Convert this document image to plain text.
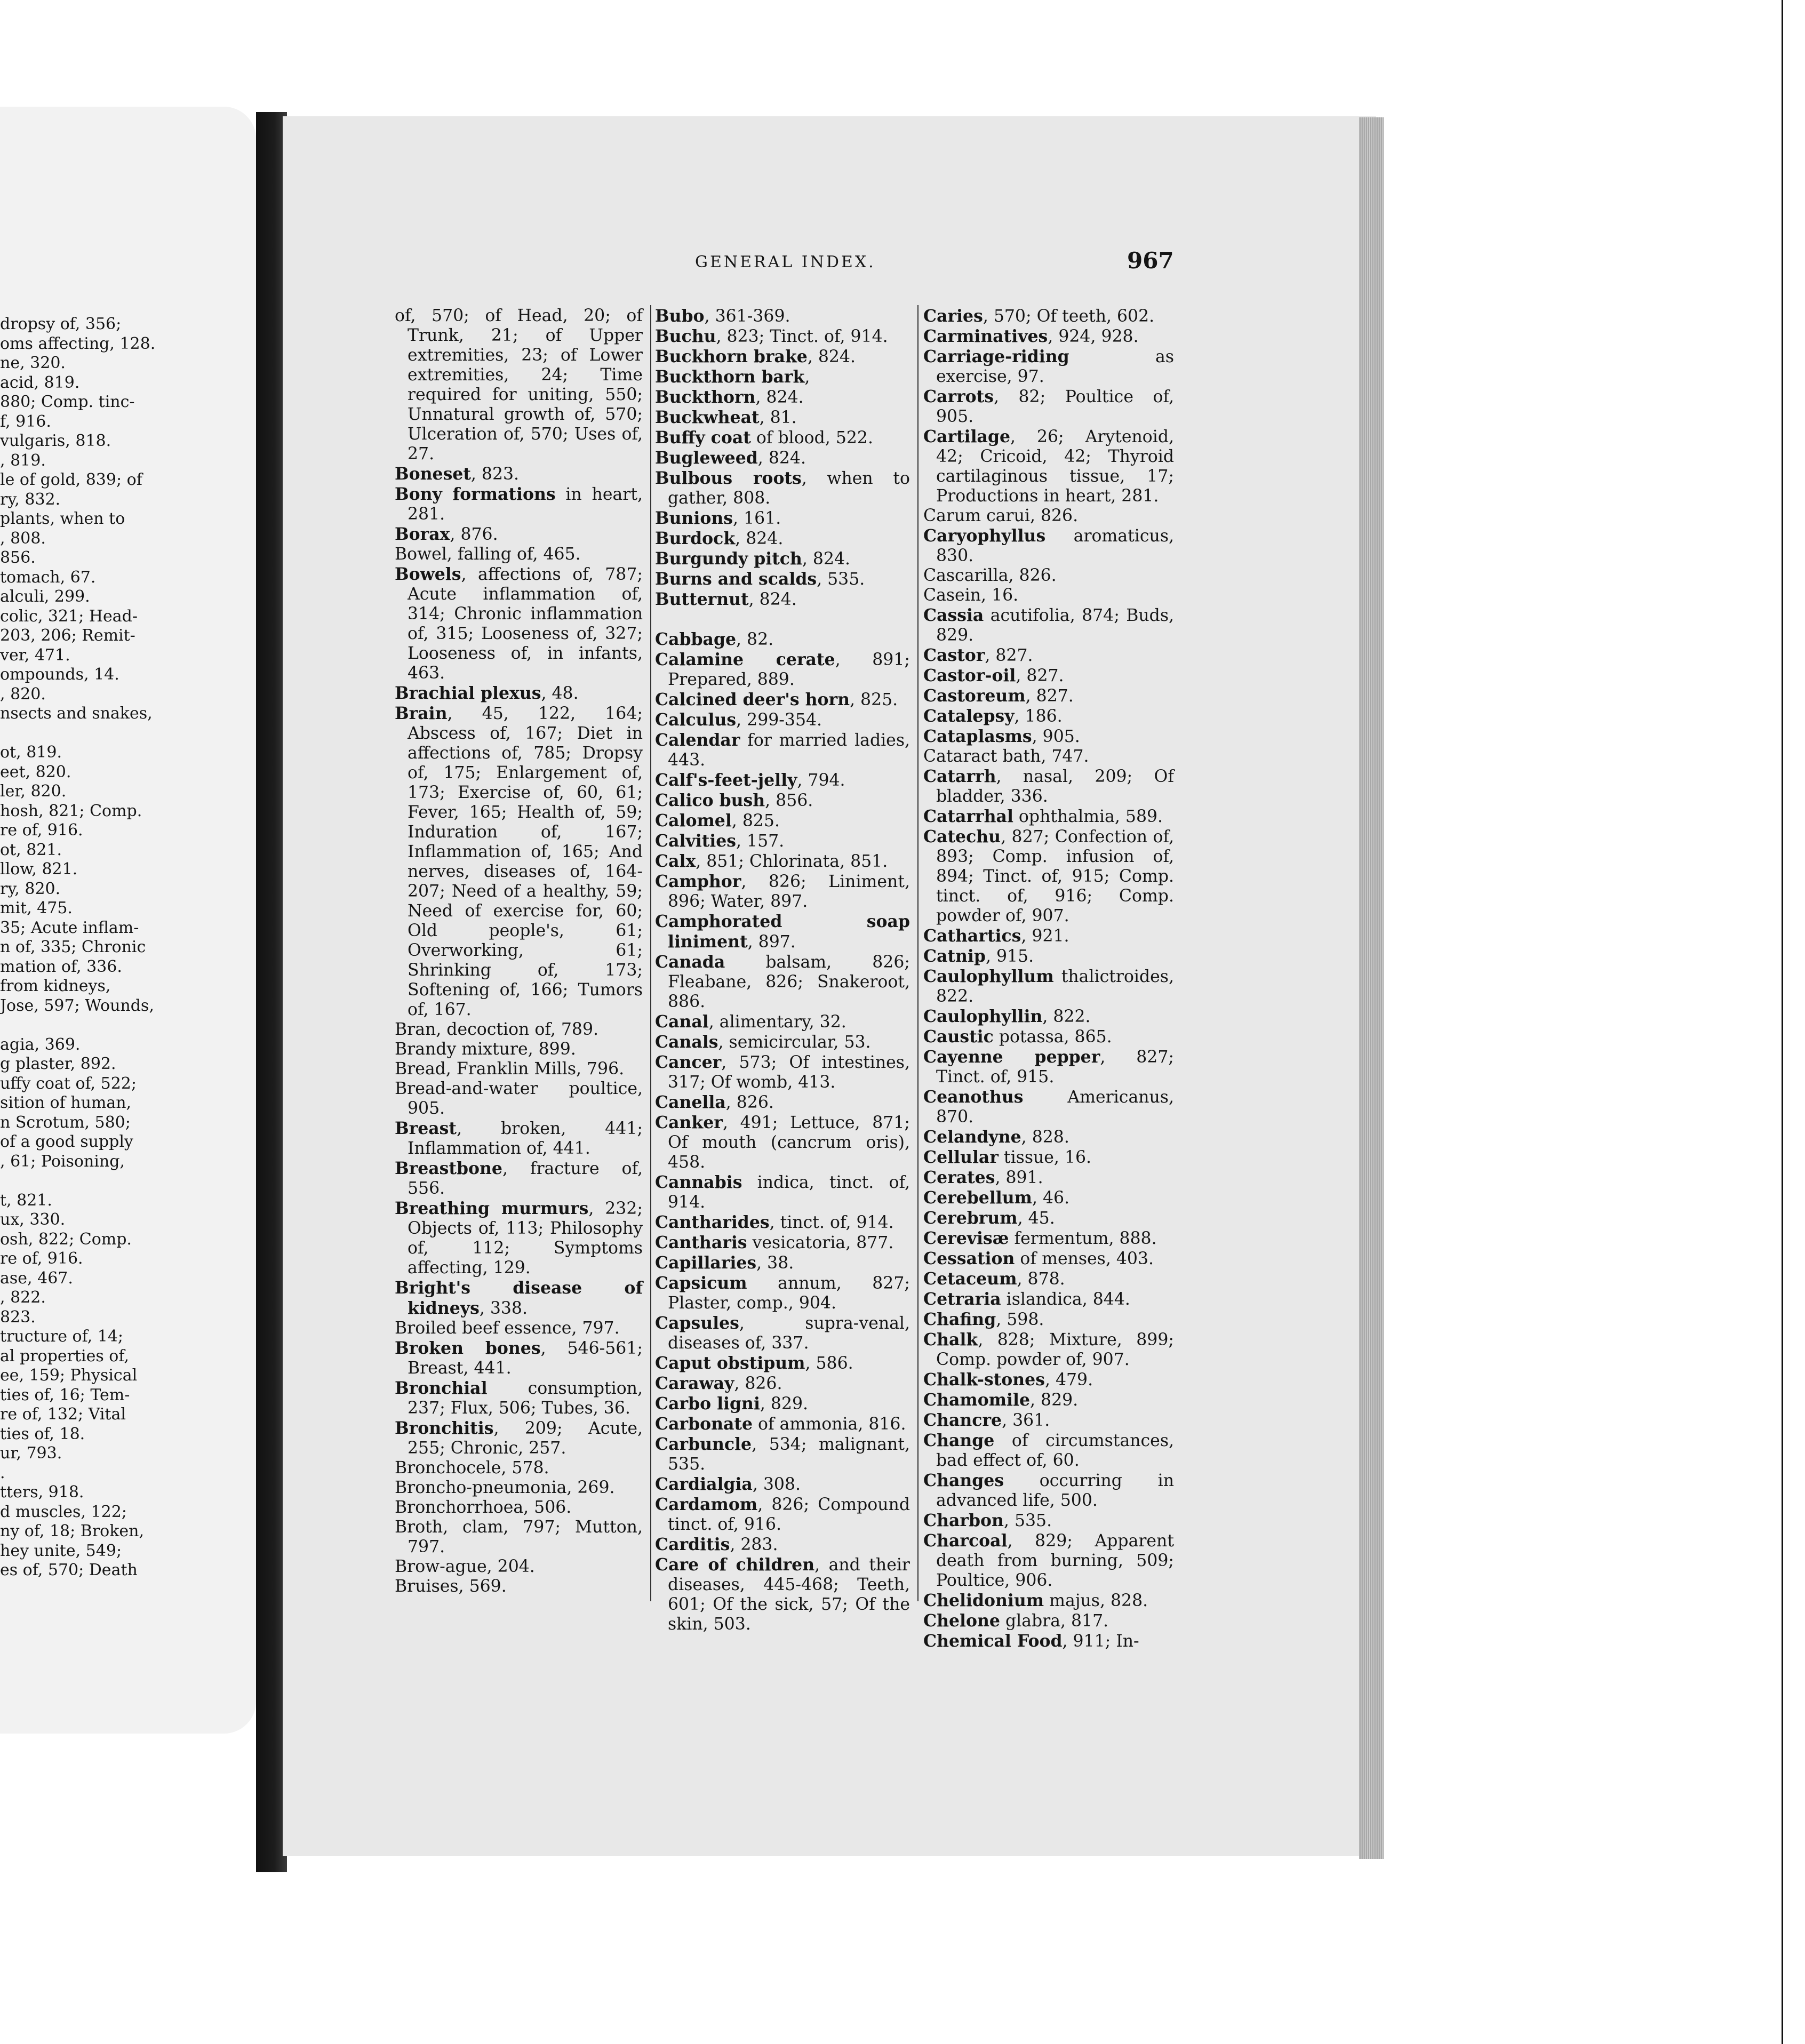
dropsy of, 356;
oms affecting, 128.
ne, 320.
acid, 819.
880; Comp. tinc-
f, 916.
vulgaris, 818.
, 819.
le of gold, 839; of
ry, 832.
plants, when to
, 808.
856.
tomach, 67.
alculi, 299.
colic, 321; Head-
203, 206; Remit-
ver, 471.
ompounds, 14.
, 820.
nsects and snakes,

ot, 819.
eet, 820.
ler, 820.
hosh, 821; Comp.
re of, 916.
ot, 821.
llow, 821.
ry, 820.
mit, 475.
35; Acute inflam-
n of, 335; Chronic
mation of, 336.
from kidneys,
Jose, 597; Wounds,

agia, 369.
g plaster, 892.
uffy coat of, 522;
sition of human,
n Scrotum, 580;
of a good supply
, 61; Poisoning,

t, 821.
ux, 330.
osh, 822; Comp.
re of, 916.
ase, 467.
, 822.
823.
tructure of, 14;
al properties of,
ee, 159; Physical
ties of, 16; Tem-
re of, 132; Vital
ties of, 18.
ur, 793.
.
tters, 918.
d muscles, 122;
ny of, 18; Broken,
hey unite, 549;
es of, 570; Death
GENERAL INDEX.	967
of, 570; of Head, 20; of Trunk, 21; of Upper extremities, 23; of Lower extremities, 24; Time required for uniting, 550; Unnatural growth of, 570; Ulceration of, 570; Uses of, 27.
Boneset, 823.
Bony formations in heart, 281.
Borax, 876.
Bowel, falling of, 465.
Bowels, affections of, 787; Acute inflammation of, 314; Chronic inflammation of, 315; Looseness of, 327; Looseness of, in infants, 463.
Brachial plexus, 48.
Brain, 45, 122, 164; Abscess of, 167; Diet in affections of, 785; Dropsy of, 175; Enlargement of, 173; Exercise of, 60, 61; Fever, 165; Health of, 59; Induration of, 167; Inflammation of, 165; And nerves, diseases of, 164-207; Need of a healthy, 59; Need of exercise for, 60; Old people's, 61; Overworking, 61; Shrinking of, 173; Softening of, 166; Tumors of, 167.
Bran, decoction of, 789.
Brandy mixture, 899.
Bread, Franklin Mills, 796.
Bread-and-water poultice, 905.
Breast, broken, 441; Inflammation of, 441.
Breastbone, fracture of, 556.
Breathing murmurs, 232; Objects of, 113; Philosophy of, 112; Symptoms affecting, 129.
Bright's disease of kidneys, 338.
Broiled beef essence, 797.
Broken bones, 546-561; Breast, 441.
Bronchial consumption, 237; Flux, 506; Tubes, 36.
Bronchitis, 209; Acute, 255; Chronic, 257.
Bronchocele, 578.
Broncho-pneumonia, 269.
Bronchorrhoea, 506.
Broth, clam, 797; Mutton, 797.
Brow-ague, 204.
Bruises, 569.
Bubo, 361-369.
Buchu, 823; Tinct. of, 914.
Buckhorn brake, 824.
Buckthorn bark,
Buckthorn, 824.
Buckwheat, 81.
Buffy coat of blood, 522.
Bugleweed, 824.
Bulbous roots, when to gather, 808.
Bunions, 161.
Burdock, 824.
Burgundy pitch, 824.
Burns and scalds, 535.
Butternut, 824.
Cabbage, 82.
Calamine cerate, 891; Prepared, 889.
Calcined deer's horn, 825.
Calculus, 299-354.
Calendar for married ladies, 443.
Calf's-feet-jelly, 794.
Calico bush, 856.
Calomel, 825.
Calvities, 157.
Calx, 851; Chlorinata, 851.
Camphor, 826; Liniment, 896; Water, 897.
Camphorated soap liniment, 897.
Canada balsam, 826; Fleabane, 826; Snakeroot, 886.
Canal, alimentary, 32.
Canals, semicircular, 53.
Cancer, 573; Of intestines, 317; Of womb, 413.
Canella, 826.
Canker, 491; Lettuce, 871; Of mouth (cancrum oris), 458.
Cannabis indica, tinct. of, 914.
Cantharides, tinct. of, 914.
Cantharis vesicatoria, 877.
Capillaries, 38.
Capsicum annum, 827; Plaster, comp., 904.
Capsules, supra-venal, diseases of, 337.
Caput obstipum, 586.
Caraway, 826.
Carbo ligni, 829.
Carbonate of ammonia, 816.
Carbuncle, 534; malignant, 535.
Cardialgia, 308.
Cardamom, 826; Compound tinct. of, 916.
Carditis, 283.
Care of children, and their diseases, 445-468; Teeth, 601; Of the sick, 57; Of the skin, 503.
Caries, 570; Of teeth, 602.
Carminatives, 924, 928.
Carriage-riding as exercise, 97.
Carrots, 82; Poultice of, 905.
Cartilage, 26; Arytenoid, 42; Cricoid, 42; Thyroid cartilaginous tissue, 17; Productions in heart, 281.
Carum carui, 826.
Caryophyllus aromaticus, 830.
Cascarilla, 826.
Casein, 16.
Cassia acutifolia, 874; Buds, 829.
Castor, 827.
Castor-oil, 827.
Castoreum, 827.
Catalepsy, 186.
Cataplasms, 905.
Cataract bath, 747.
Catarrh, nasal, 209; Of bladder, 336.
Catarrhal ophthalmia, 589.
Catechu, 827; Confection of, 893; Comp. infusion of, 894; Tinct. of, 915; Comp. tinct. of, 916; Comp. powder of, 907.
Cathartics, 921.
Catnip, 915.
Caulophyllum thalictroides, 822.
Caulophyllin, 822.
Caustic potassa, 865.
Cayenne pepper, 827; Tinct. of, 915.
Ceanothus Americanus, 870.
Celandyne, 828.
Cellular tissue, 16.
Cerates, 891.
Cerebellum, 46.
Cerebrum, 45.
Cerevisæ fermentum, 888.
Cessation of menses, 403.
Cetaceum, 878.
Cetraria islandica, 844.
Chafing, 598.
Chalk, 828; Mixture, 899; Comp. powder of, 907.
Chalk-stones, 479.
Chamomile, 829.
Chancre, 361.
Change of circumstances, bad effect of, 60.
Changes occurring in advanced life, 500.
Charbon, 535.
Charcoal, 829; Apparent death from burning, 509; Poultice, 906.
Chelidonium majus, 828.
Chelone glabra, 817.
Chemical Food, 911; In-
